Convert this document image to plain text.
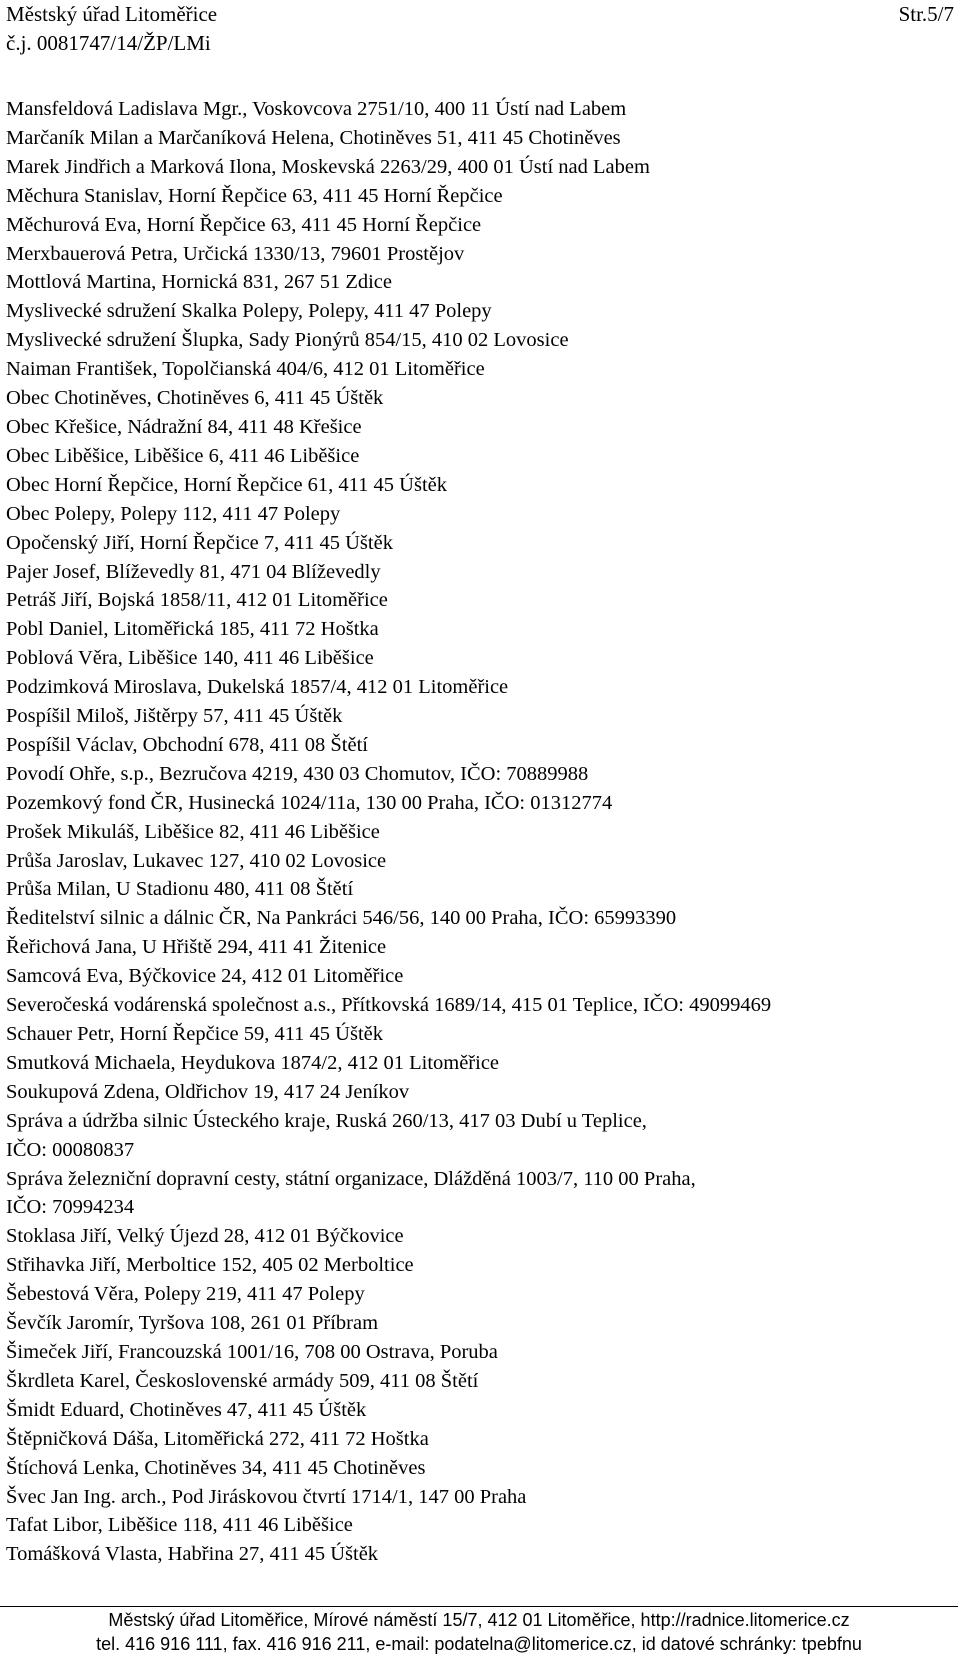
Městský úřad Litoměřice	Str.5/7
č.j. 0081747/14/ŽP/LMi
Mansfeldová Ladislava Mgr., Voskovcova 2751/10, 400 11 Ústí nad Labem
Marčaník Milan a Marčaníková Helena, Chotiněves 51, 411 45 Chotiněves
Marek Jindřich a Marková Ilona, Moskevská 2263/29, 400 01 Ústí nad Labem
Měchura Stanislav, Horní Řepčice 63, 411 45 Horní Řepčice
Měchurová Eva, Horní Řepčice 63, 411 45 Horní Řepčice
Merxbauerová Petra, Určická 1330/13, 79601 Prostějov
Mottlová Martina, Hornická 831, 267 51 Zdice
Myslivecké sdružení Skalka Polepy, Polepy, 411 47 Polepy
Myslivecké sdružení Šlupka, Sady Pionýrů 854/15, 410 02 Lovosice
Naiman František, Topolčianská 404/6, 412 01 Litoměřice
Obec Chotiněves, Chotiněves 6, 411 45 Úštěk
Obec Křešice, Nádražní 84, 411 48 Křešice
Obec Liběšice, Liběšice 6, 411 46 Liběšice
Obec Horní Řepčice, Horní Řepčice 61, 411 45 Úštěk
Obec Polepy, Polepy 112, 411 47 Polepy
Opočenský Jiří, Horní Řepčice 7, 411 45 Úštěk
Pajer Josef, Blíževedly 81, 471 04 Blíževedly
Petráš Jiří, Bojská 1858/11, 412 01 Litoměřice
Pobl Daniel, Litoměřická 185, 411 72 Hoštka
Poblová Věra, Liběšice 140, 411 46 Liběšice
Podzimková Miroslava, Dukelská 1857/4, 412 01 Litoměřice
Pospíšil Miloš, Jištěrpy 57, 411 45 Úštěk
Pospíšil Václav, Obchodní 678, 411 08 Štětí
Povodí Ohře, s.p., Bezručova 4219, 430 03 Chomutov, IČO: 70889988
Pozemkový fond ČR, Husinecká 1024/11a, 130 00 Praha, IČO: 01312774
Prošek Mikuláš, Liběšice 82, 411 46 Liběšice
Průša Jaroslav, Lukavec 127, 410 02 Lovosice
Průša Milan, U Stadionu 480, 411 08 Štětí
Ředitelství silnic a dálnic ČR, Na Pankráci 546/56, 140 00 Praha, IČO: 65993390
Řeřichová Jana, U Hřiště 294, 411 41 Žitenice
Samcová Eva, Býčkovice 24, 412 01 Litoměřice
Severočeská vodárenská společnost a.s., Přítkovská 1689/14, 415 01 Teplice, IČO: 49099469
Schauer Petr, Horní Řepčice 59, 411 45 Úštěk
Smutková Michaela, Heydukova 1874/2, 412 01 Litoměřice
Soukupová Zdena, Oldřichov 19, 417 24 Jeníkov
Správa a údržba silnic Ústeckého kraje, Ruská 260/13, 417 03 Dubí u Teplice,
IČO: 00080837
Správa železniční dopravní cesty, státní organizace, Dlážděná 1003/7, 110 00 Praha,
IČO: 70994234
Stoklasa Jiří, Velký Újezd 28, 412 01 Býčkovice
Střihavka Jiří, Merboltice 152, 405 02 Merboltice
Šebestová Věra, Polepy 219, 411 47 Polepy
Ševčík Jaromír, Tyršova 108, 261 01 Příbram
Šimeček Jiří, Francouzská 1001/16, 708 00 Ostrava, Poruba
Škrdleta Karel, Československé armády 509, 411 08 Štětí
Šmidt Eduard, Chotiněves 47, 411 45 Úštěk
Štěpničková Dáša, Litoměřická 272, 411 72 Hoštka
Štíchová Lenka, Chotiněves 34, 411 45 Chotiněves
Švec Jan Ing. arch., Pod Jiráskovou čtvrtí 1714/1, 147 00 Praha
Tafat Libor, Liběšice 118, 411 46 Liběšice
Tomášková Vlasta, Habřina 27, 411 45 Úštěk
Městský úřad Litoměřice, Mírové náměstí 15/7, 412 01 Litoměřice, http://radnice.litomerice.cz
tel. 416 916 111, fax. 416 916 211, e-mail: podatelna@litomerice.cz, id datové schránky: tpebfnu
